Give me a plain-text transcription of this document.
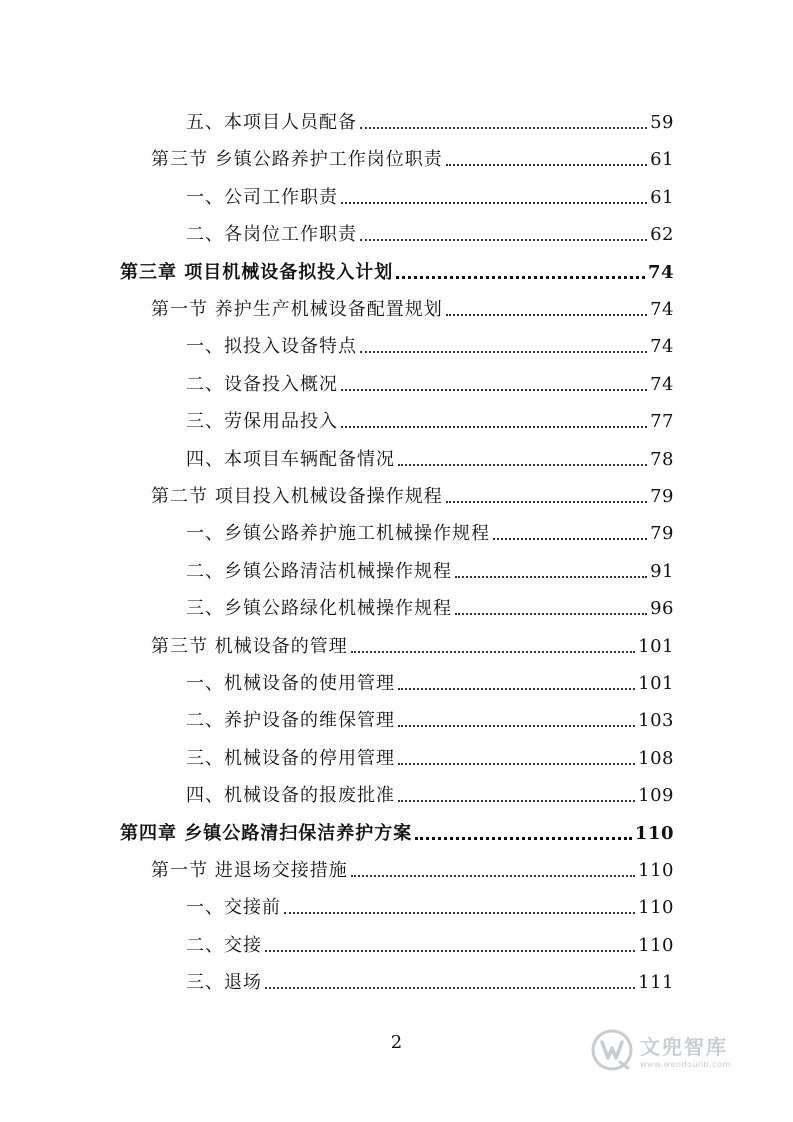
五、本项目人员配备	59
第三节 乡镇公路养护工作岗位职责	61
一、公司工作职责	61
二、各岗位工作职责	62
第三章 项目机械设备拟投入计划	74
第一节 养护生产机械设备配置规划	74
一、拟投入设备特点	74
二、设备投入概况	74
三、劳保用品投入	77
四、本项目车辆配备情况	78
第二节 项目投入机械设备操作规程	79
一、乡镇公路养护施工机械操作规程	79
二、乡镇公路清洁机械操作规程	91
三、乡镇公路绿化机械操作规程	96
第三节 机械设备的管理	101
一、机械设备的使用管理	101
二、养护设备的维保管理	103
三、机械设备的停用管理	108
四、机械设备的报废批准	109
第四章 乡镇公路清扫保洁养护方案	110
第一节 进退场交接措施	110
一、交接前	110
二、交接	110
三、退场	111
2	文兜智库
www.wendoulib.com
